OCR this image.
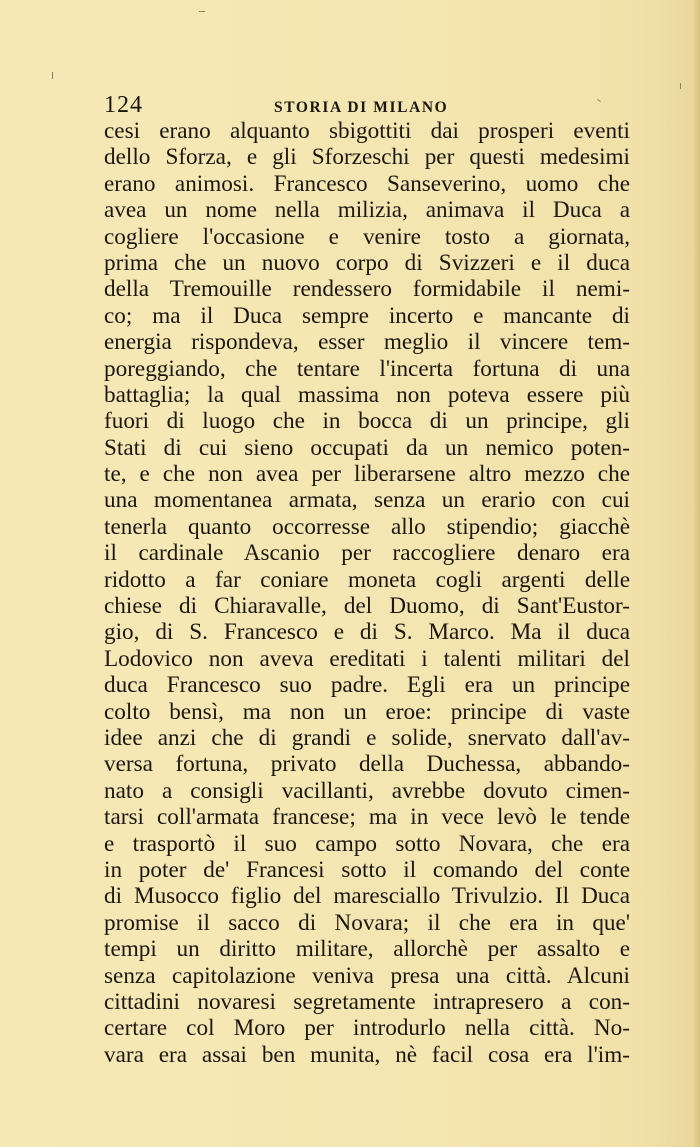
124	STORIA DI MILANO
cesi erano alquanto sbigottiti dai prosperi eventi
dello Sforza, e gli Sforzeschi per questi medesimi
erano animosi. Francesco Sanseverino, uomo che
avea un nome nella milizia, animava il Duca a
cogliere l'occasione e venire tosto a giornata,
prima che un nuovo corpo di Svizzeri e il duca
della Tremouille rendessero formidabile il nemi-
co; ma il Duca sempre incerto e mancante di
energia rispondeva, esser meglio il vincere tem-
poreggiando, che tentare l'incerta fortuna di una
battaglia; la qual massima non poteva essere più
fuori di luogo che in bocca di un principe, gli
Stati di cui sieno occupati da un nemico poten-
te, e che non avea per liberarsene altro mezzo che
una momentanea armata, senza un erario con cui
tenerla quanto occorresse allo stipendio; giacchè
il cardinale Ascanio per raccogliere denaro era
ridotto a far coniare moneta cogli argenti delle
chiese di Chiaravalle, del Duomo, di Sant'Eustor-
gio, di S. Francesco e di S. Marco. Ma il duca
Lodovico non aveva ereditati i talenti militari del
duca Francesco suo padre. Egli era un principe
colto bensì, ma non un eroe: principe di vaste
idee anzi che di grandi e solide, snervato dall'av-
versa fortuna, privato della Duchessa, abbando-
nato a consigli vacillanti, avrebbe dovuto cimen-
tarsi coll'armata francese; ma in vece levò le tende
e trasportò il suo campo sotto Novara, che era
in poter de' Francesi sotto il comando del conte
di Musocco figlio del maresciallo Trivulzio. Il Duca
promise il sacco di Novara; il che era in que'
tempi un diritto militare, allorchè per assalto e
senza capitolazione veniva presa una città. Alcuni
cittadini novaresi segretamente intrapresero a con-
certare col Moro per introdurlo nella città. No-
vara era assai ben munita, nè facil cosa era l'im-
